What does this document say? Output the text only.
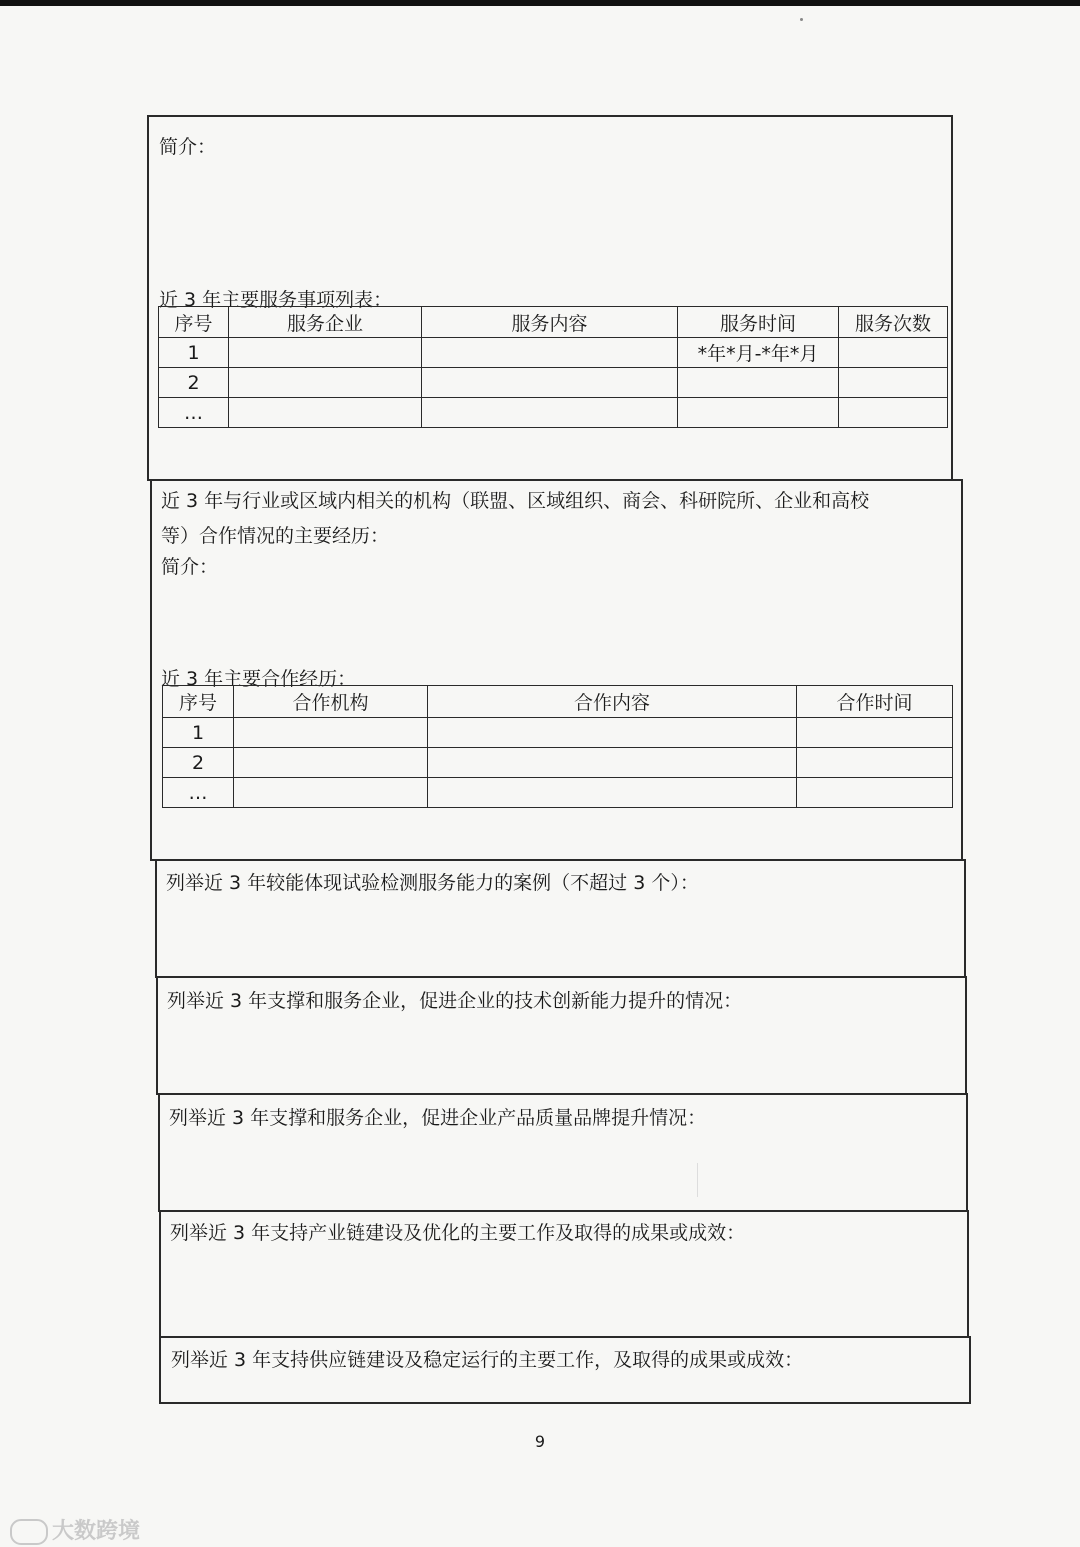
简介：
近 3 年主要服务事项列表：
序号	服务企业	服务内容	服务时间	服务次数
1			*年*月-*年*月	
2				
…				
近 3 年与行业或区域内相关的机构（联盟、区域组织、商会、科研院所、企业和高校
等）合作情况的主要经历：
简介：
近 3 年主要合作经历：
序号	合作机构	合作内容	合作时间
1			
2			
…			
列举近 3 年较能体现试验检测服务能力的案例（不超过 3 个）：
列举近 3 年支撑和服务企业，促进企业的技术创新能力提升的情况：
列举近 3 年支撑和服务企业，促进企业产品质量品牌提升情况：
列举近 3 年支持产业链建设及优化的主要工作及取得的成果或成效：
列举近 3 年支持供应链建设及稳定运行的主要工作，及取得的成果或成效：
9
大数跨境
